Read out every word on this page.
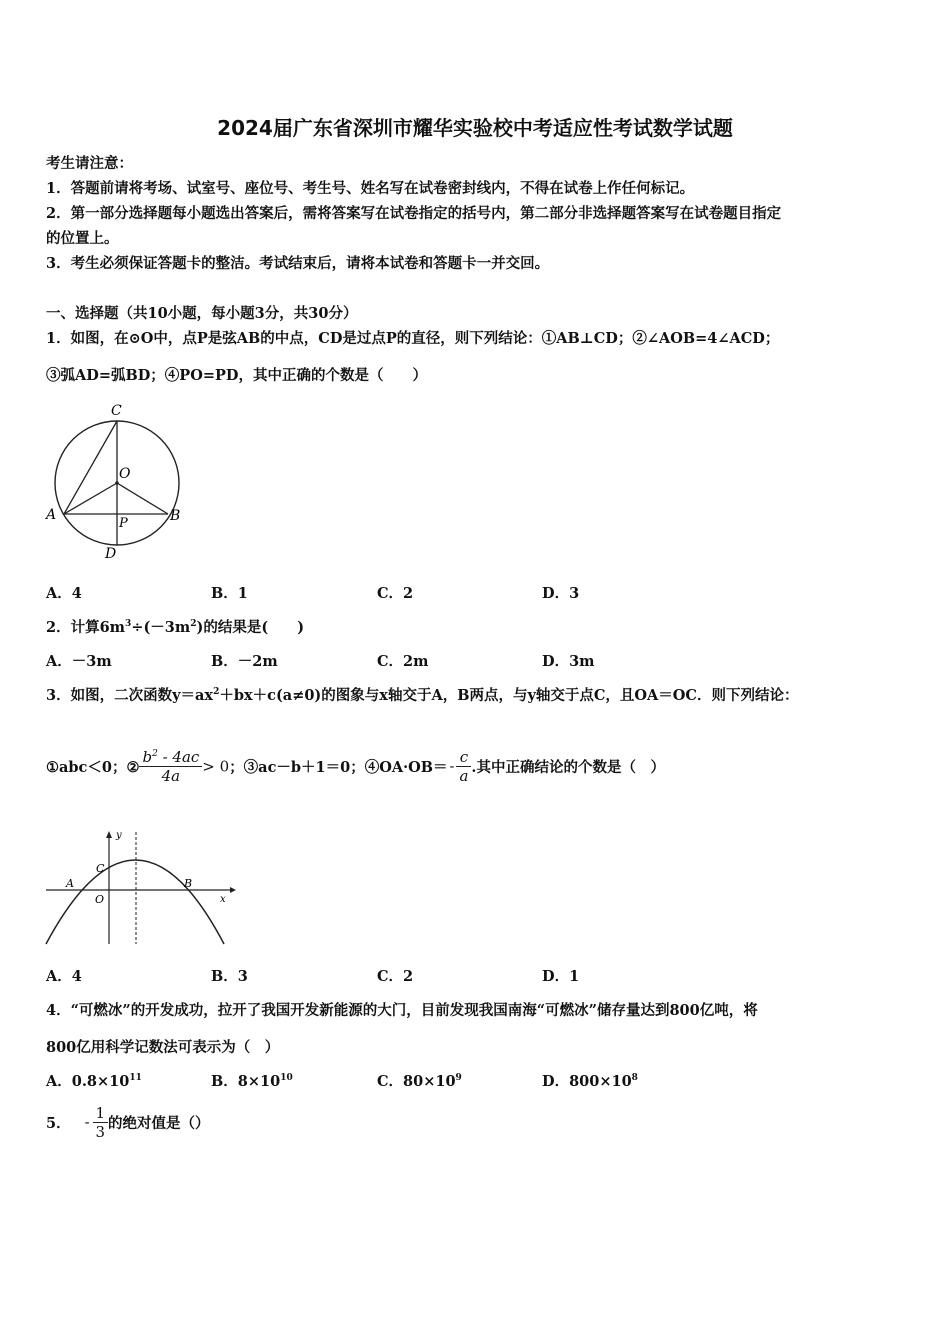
2024届广东省深圳市耀华实验校中考适应性考试数学试题
考生请注意：
1．答题前请将考场、试室号、座位号、考生号、姓名写在试卷密封线内，不得在试卷上作任何标记。
2．第一部分选择题每小题选出答案后，需将答案写在试卷指定的括号内，第二部分非选择题答案写在试卷题目指定
的位置上。
3．考生必须保证答题卡的整洁。考试结束后，请将本试卷和答题卡一并交回。
一、选择题（共10小题，每小题3分，共30分）
1．如图，在⊙O中，点P是弦AB的中点，CD是过点P的直径，则下列结论：①AB⊥CD；②∠AOB=4∠ACD；
③弧AD=弧BD；④PO=PD，其中正确的个数是（　　）
C
O
A	B
P
D
A．4	B．1	C．2	D．3
2．计算$6m^3\div(-3m^2)$的结果是(　　)
A．－3m	B．－2m	C．2m	D．3m
3．如图，二次函数$y=ax^2+bx+c(a\ne 0)$的图象与x轴交于A，B两点，与y轴交于点C，且OA＝OC．则下列结论：
①abc＜0；② $\frac{b^2 - 4ac}{4a} > 0$；③ac－b＋1＝0；④OA·OB＝ - $\frac{c}{a}$ .其中正确结论的个数是（　）
y
x
C
A	B
O
A．4	B．3	C．2	D．1
4．“可燃冰”的开发成功，拉开了我国开发新能源的大门，目前发现我国南海“可燃冰”储存量达到800亿吨，将
800亿用科学记数法可表示为（　）
A．$0.8\times 10^{11}$	B．$8\times 10^{10}$	C．$80\times 10^9$	D．$800\times 10^8$
5． - $\frac{1}{3}$ 的绝对值是（）
